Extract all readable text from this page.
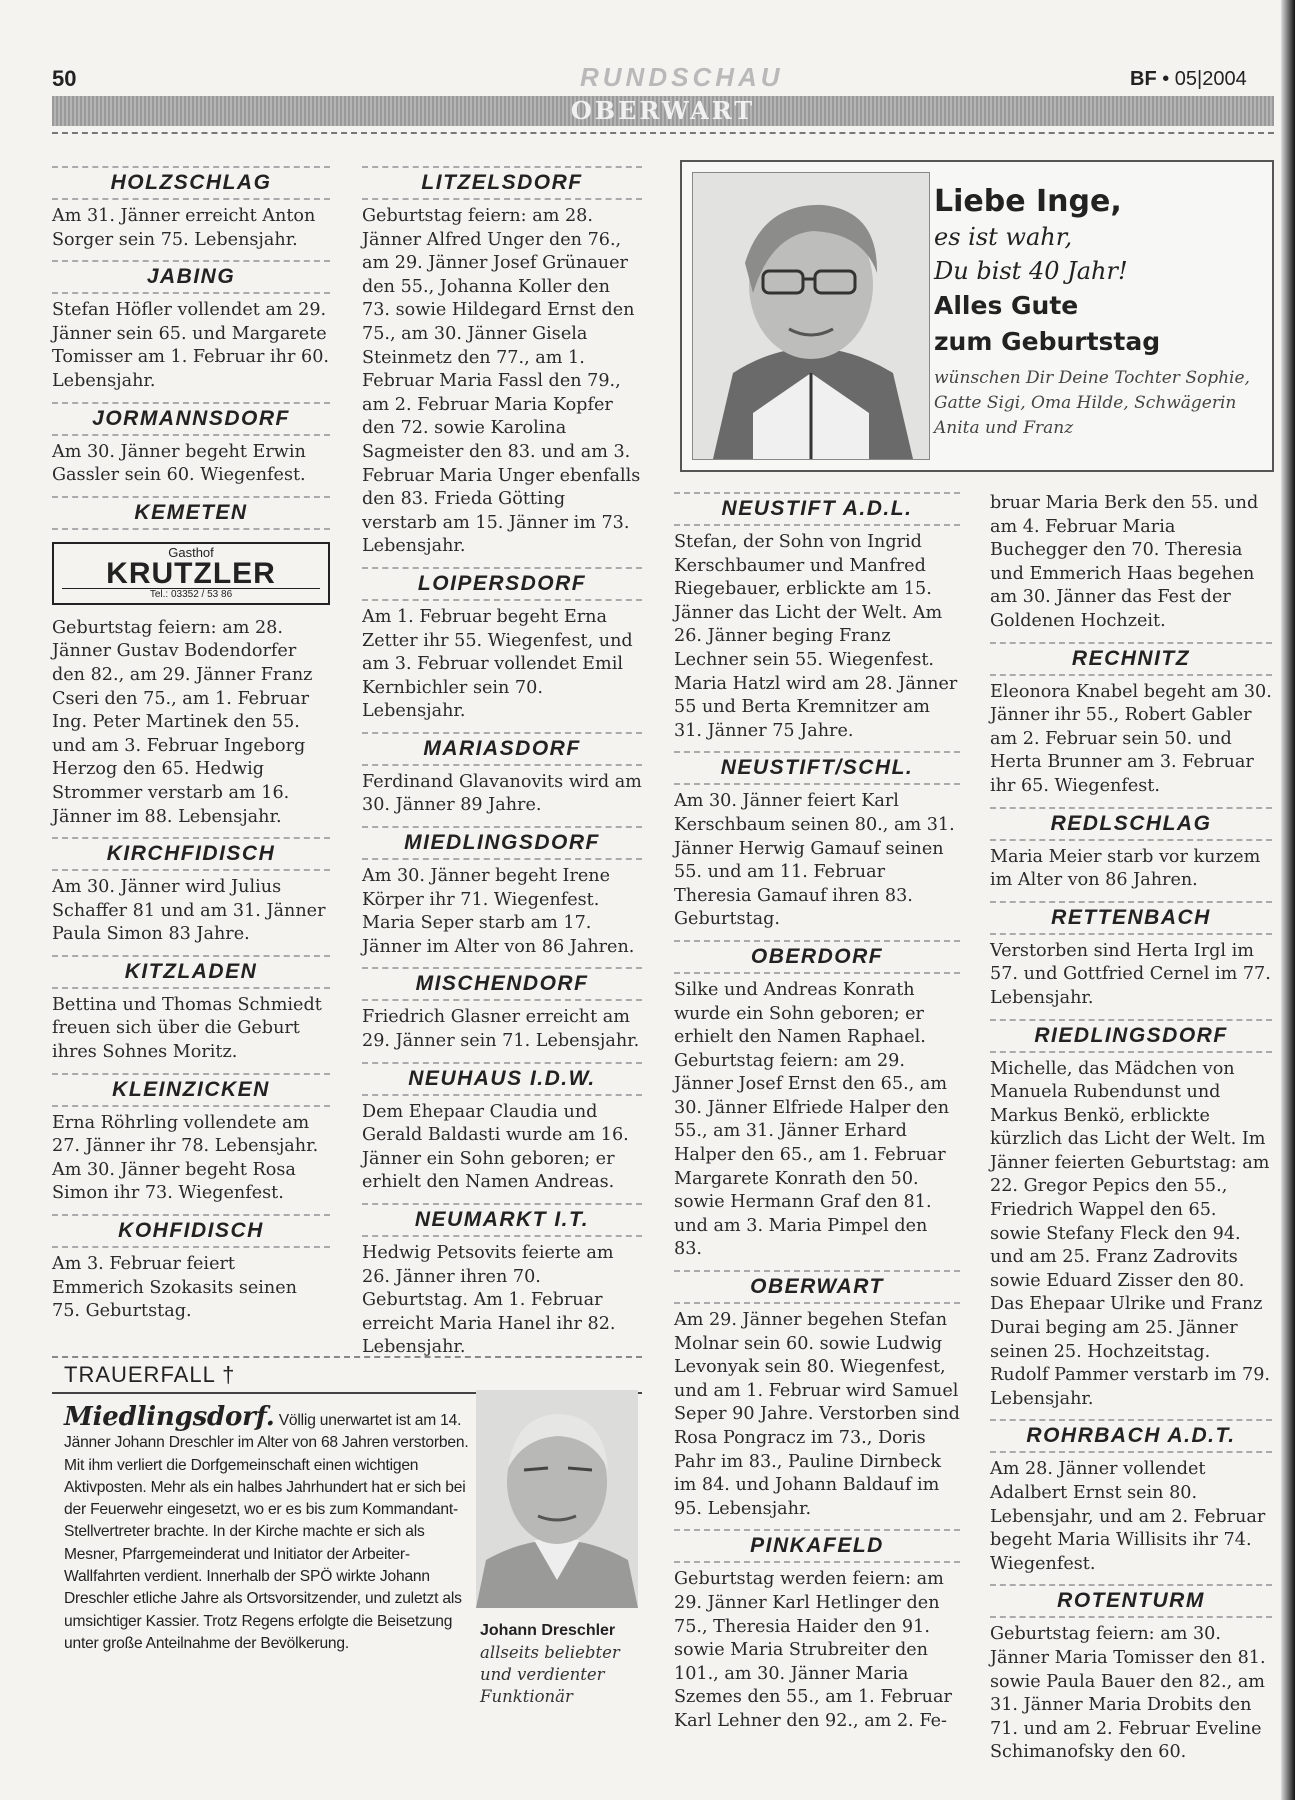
50	RUNDSCHAU	BF • 05|2004
OBERWART
HOLZSCHLAG

Am 31. Jänner erreicht Anton Sorger sein 75. Lebensjahr.

JABING

Stefan Höfler vollendet am 29. Jänner sein 65. und Margarete Tomisser am 1. Februar ihr 60. Lebensjahr.

JORMANNSDORF

Am 30. Jänner begeht Erwin Gassler sein 60. Wiegenfest.

KEMETEN
Gasthof
KRUTZLER
Tel.: 03352 / 53 86

Geburtstag feiern: am 28. Jänner Gustav Bodendorfer den 82., am 29. Jänner Franz Cseri den 75., am 1. Februar Ing. Peter Martinek den 55. und am 3. Februar Ingeborg Herzog den 65. Hedwig Strommer verstarb am 16. Jänner im 88. Lebensjahr.

KIRCHFIDISCH

Am 30. Jänner wird Julius Schaffer 81 und am 31. Jänner Paula Simon 83 Jahre.

KITZLADEN

Bettina und Thomas Schmiedt freuen sich über die Geburt ihres Sohnes Moritz.

KLEINZICKEN

Erna Röhrling vollendete am 27. Jänner ihr 78. Lebensjahr. Am 30. Jänner begeht Rosa Simon ihr 73. Wiegenfest.

KOHFIDISCH

Am 3. Februar feiert Emmerich Szokasits seinen 75. Geburtstag.

LITZELSDORF

Geburtstag feiern: am 28. Jänner Alfred Unger den 76., am 29. Jänner Josef Grünauer den 55., Johanna Koller den 73. sowie Hildegard Ernst den 75., am 30. Jänner Gisela Steinmetz den 77., am 1. Februar Maria Fassl den 79., am 2. Februar Maria Kopfer den 72. sowie Karolina Sagmeister den 83. und am 3. Februar Maria Unger ebenfalls den 83. Frieda Götting verstarb am 15. Jänner im 73. Lebensjahr.

LOIPERSDORF

Am 1. Februar begeht Erna Zetter ihr 55. Wiegenfest, und am 3. Februar vollendet Emil Kernbichler sein 70. Lebensjahr.

MARIASDORF

Ferdinand Glavanovits wird am 30. Jänner 89 Jahre.

MIEDLINGSDORF

Am 30. Jänner begeht Irene Körper ihr 71. Wiegenfest. Maria Seper starb am 17. Jänner im Alter von 86 Jahren.

MISCHENDORF

Friedrich Glasner erreicht am 29. Jänner sein 71. Lebensjahr.

NEUHAUS I.D.W.

Dem Ehepaar Claudia und Gerald Baldasti wurde am 16. Jänner ein Sohn geboren; er erhielt den Namen Andreas.

NEUMARKT I.T.

Hedwig Petsovits feierte am 26. Jänner ihren 70. Geburtstag. Am 1. Februar erreicht Maria Hanel ihr 82. Lebensjahr.

Liebe Inge,

es ist wahr,

Du bist 40 Jahr!

Alles Gute

zum Geburtstag

wünschen Dir Deine Tochter Sophie, Gatte Sigi, Oma Hilde, Schwägerin Anita und Franz

NEUSTIFT A.D.L.

Stefan, der Sohn von Ingrid Kerschbaumer und Manfred Riegebauer, erblickte am 15. Jänner das Licht der Welt. Am 26. Jänner beging Franz Lechner sein 55. Wiegenfest. Maria Hatzl wird am 28. Jänner 55 und Berta Kremnitzer am 31. Jänner 75 Jahre.

NEUSTIFT/SCHL.

Am 30. Jänner feiert Karl Kerschbaum seinen 80., am 31. Jänner Herwig Gamauf seinen 55. und am 11. Februar Theresia Gamauf ihren 83. Geburtstag.

OBERDORF

Silke und Andreas Konrath wurde ein Sohn geboren; er erhielt den Namen Raphael. Geburtstag feiern: am 29. Jänner Josef Ernst den 65., am 30. Jänner Elfriede Halper den 55., am 31. Jänner Erhard Halper den 65., am 1. Februar Margarete Konrath den 50. sowie Hermann Graf den 81. und am 3. Maria Pimpel den 83.

OBERWART

Am 29. Jänner begehen Stefan Molnar sein 60. sowie Ludwig Levonyak sein 80. Wiegenfest, und am 1. Februar wird Samuel Seper 90 Jahre. Verstorben sind Rosa Pongracz im 73., Doris Pahr im 83., Pauline Dirnbeck im 84. und Johann Baldauf im 95. Lebensjahr.

PINKAFELD

Geburtstag werden feiern: am 29. Jänner Karl Hetlinger den 75., Theresia Haider den 91. sowie Maria Strubreiter den 101., am 30. Jänner Maria Szemes den 55., am 1. Februar Karl Lehner den 92., am 2. Fe-

bruar Maria Berk den 55. und am 4. Februar Maria Buchegger den 70. Theresia und Emmerich Haas begehen am 30. Jänner das Fest der Goldenen Hochzeit.

RECHNITZ

Eleonora Knabel begeht am 30. Jänner ihr 55., Robert Gabler am 2. Februar sein 50. und Herta Brunner am 3. Februar ihr 65. Wiegenfest.

REDLSCHLAG

Maria Meier starb vor kurzem im Alter von 86 Jahren.

RETTENBACH

Verstorben sind Herta Irgl im 57. und Gottfried Cernel im 77. Lebensjahr.

RIEDLINGSDORF

Michelle, das Mädchen von Manuela Rubendunst und Markus Benkö, erblickte kürzlich das Licht der Welt. Im Jänner feierten Geburtstag: am 22. Gregor Pepics den 55., Friedrich Wappel den 65. sowie Stefany Fleck den 94. und am 25. Franz Zadrovits sowie Eduard Zisser den 80. Das Ehepaar Ulrike und Franz Durai beging am 25. Jänner seinen 25. Hochzeitstag. Rudolf Pammer verstarb im 79. Lebensjahr.

ROHRBACH A.D.T.

Am 28. Jänner vollendet Adalbert Ernst sein 80. Lebensjahr, und am 2. Februar begeht Maria Willisits ihr 74. Wiegenfest.

ROTENTURM

Geburtstag feiern: am 30. Jänner Maria Tomisser den 81. sowie Paula Bauer den 82., am 31. Jänner Maria Drobits den 71. und am 2. Februar Eveline Schimanofsky den 60.

TRAUERFALL †
Miedlingsdorf. Völlig unerwartet ist am 14. Jänner Johann Dreschler im Alter von 68 Jahren verstorben. Mit ihm verliert die Dorfgemeinschaft einen wichtigen Aktivposten. Mehr als ein halbes Jahrhundert hat er sich bei der Feuerwehr eingesetzt, wo er es bis zum Kommandant-Stellvertreter brachte. In der Kirche machte er sich als Mesner, Pfarrgemeinderat und Initiator der Arbeiter-Wallfahrten verdient. Innerhalb der SPÖ wirkte Johann Dreschler etliche Jahre als Ortsvorsitzender, und zuletzt als umsichtiger Kassier. Trotz Regens erfolgte die Beisetzung unter große Anteilnahme der Bevölkerung.

Johann Dreschler

allseits beliebter und verdienter Funktionär
